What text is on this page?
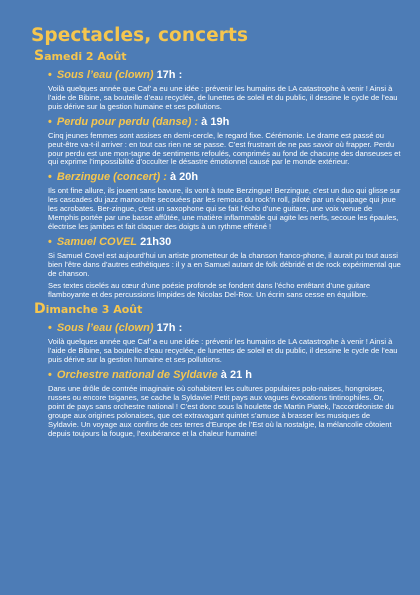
Spectacles, concerts
Samedi 2 Août
• Sous l’eau (clown) 17h :

Voilà quelques année que Caf’ a eu une idée : prévenir les humains de LA catastrophe à venir ! Ainsi à l’aide de Bibine, sa bouteille d’eau recyclée, de lunettes de soleil et du public, il dessine le cycle de l’eau puis dérive sur la gestion humaine et ses pollutions.

• Perdu pour perdu (danse) : à 19h

Cinq jeunes femmes sont assises en demi-cercle, le regard fixe. Cérémonie. Le drame est passé ou peut-être va-t-il arriver : en tout cas rien ne se passe. C’est frustrant de ne pas savoir où frapper. Perdu pour perdu est une mon-tagne de sentiments refoulés, comprimés au fond de chacune des danseuses et qui exprime l’impossibilité d’occulter le désastre émotionnel causé par le monde extérieur.

• Berzingue (concert) : à 20h

Ils ont fine allure, ils jouent sans bavure, ils vont à toute Berzingue! Berzingue, c’est un duo qui glisse sur les cascades du jazz manouche secouées par les remous du rock’n roll, piloté par un équipage qui joue les acrobates. Ber-zingue, c’est un saxophone qui se fait l’écho d’une guitare, une voix venue de Memphis portée par une basse affûtée, une matière inflammable qui agite les nerfs, secoue les épaules, électrise les jambes et fait claquer des doigts à un rythme effréné !

• Samuel COVEL 21h30

Si Samuel Covel est aujourd’hui un artiste prometteur de la chanson franco-phone, il aurait pu tout aussi bien l’être dans d’autres esthétiques : il y a en Samuel autant de folk débridé et de rock expérimental que de chanson.

Ses textes ciselés au cœur d’une poésie profonde se fondent dans l’écho entêtant d’une guitare flamboyante et des percussions limpides de Nicolas Del-Rox. Un écrin sans cesse en équilibre.

Dimanche 3 Août
• Sous l’eau (clown) 17h :

Voilà quelques année que Caf’ a eu une idée : prévenir les humains de LA catastrophe à venir ! Ainsi à l’aide de Bibine, sa bouteille d’eau recyclée, de lunettes de soleil et du public, il dessine le cycle de l’eau puis dérive sur la gestion humaine et ses pollutions.

• Orchestre national de Syldavie à 21 h

Dans une drôle de contrée imaginaire où cohabitent les cultures populaires polo-naises, hongroises, russes ou encore tsiganes, se cache la Syldavie! Petit pays aux vagues évocations tintinophiles. Or, point de pays sans orchestre national ! C’est donc sous la houlette de Martin Piatek, l’accordéoniste du groupe aux origines polonaises, que cet extravagant quintet s’amuse à brasser les musiques de Syldavie. Un voyage aux confins de ces terres d’Europe de l’Est où la nostalgie, la mélancolie côtoient depuis toujours la fougue, l’exubérance et la chaleur humaine!
